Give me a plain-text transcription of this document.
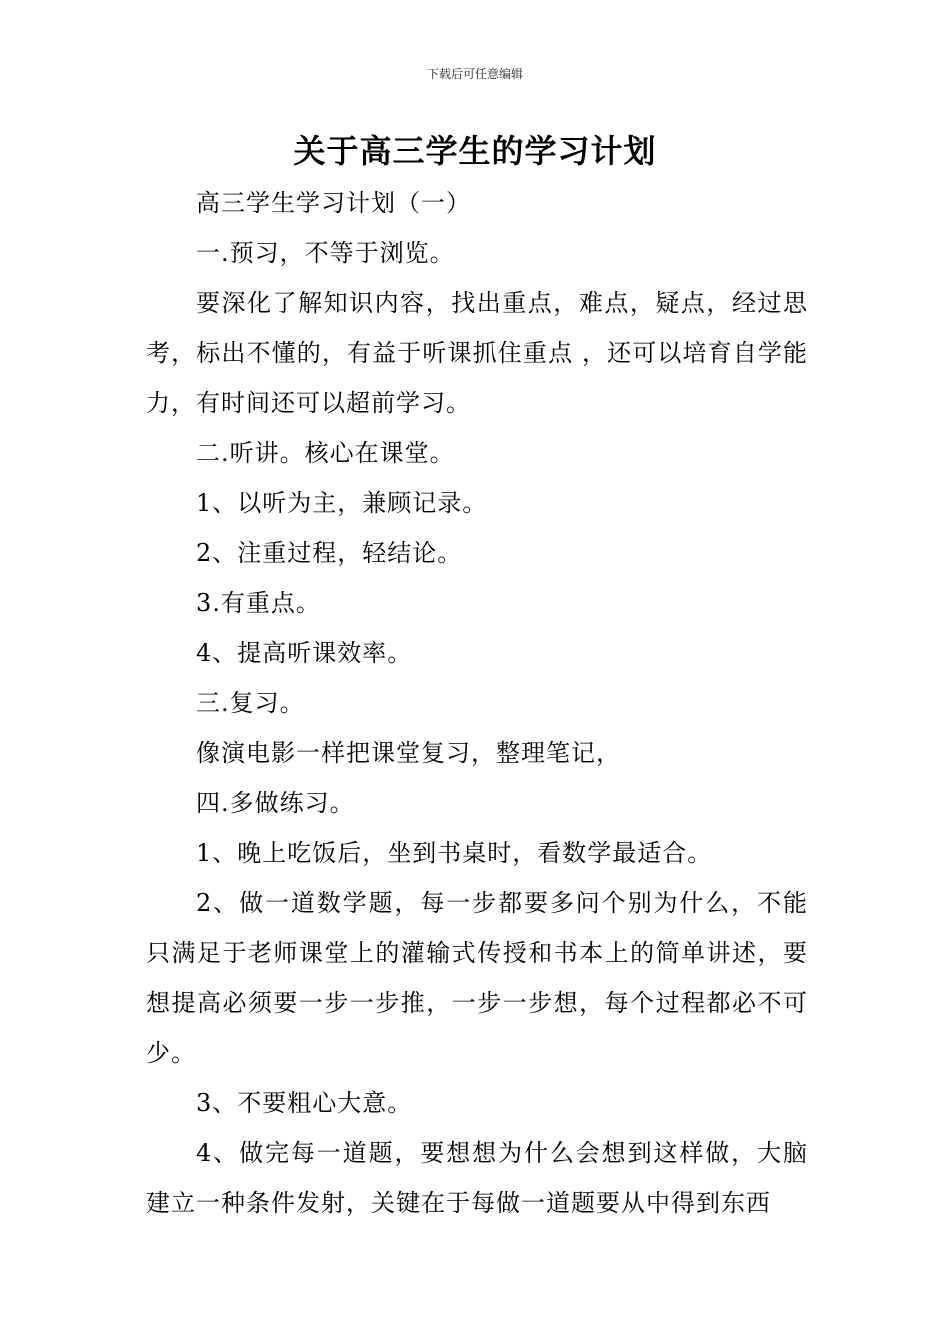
下载后可任意编辑
关于高三学生的学习计划

高三学生学习计划（一）

一.预习，不等于浏览。

要深化了解知识内容，找出重点，难点，疑点，经过思考，标出不懂的，有益于听课抓住重点 ，还可以培育自学能力，有时间还可以超前学习。

二.听讲。核心在课堂。

1、以听为主，兼顾记录。

2、注重过程，轻结论。

3.有重点。

4、提高听课效率。

三.复习。

像演电影一样把课堂复习，整理笔记，

四.多做练习。

1、晚上吃饭后，坐到书桌时，看数学最适合。

2、做一道数学题，每一步都要多问个别为什么，不能只满足于老师课堂上的灌输式传授和书本上的简单讲述，要想提高必须要一步一步推，一步一步想，每个过程都必不可少。

3、不要粗心大意。

4、做完每一道题，要想想为什么会想到这样做，大脑建立一种条件发射，关键在于每做一道题要从中得到东西
